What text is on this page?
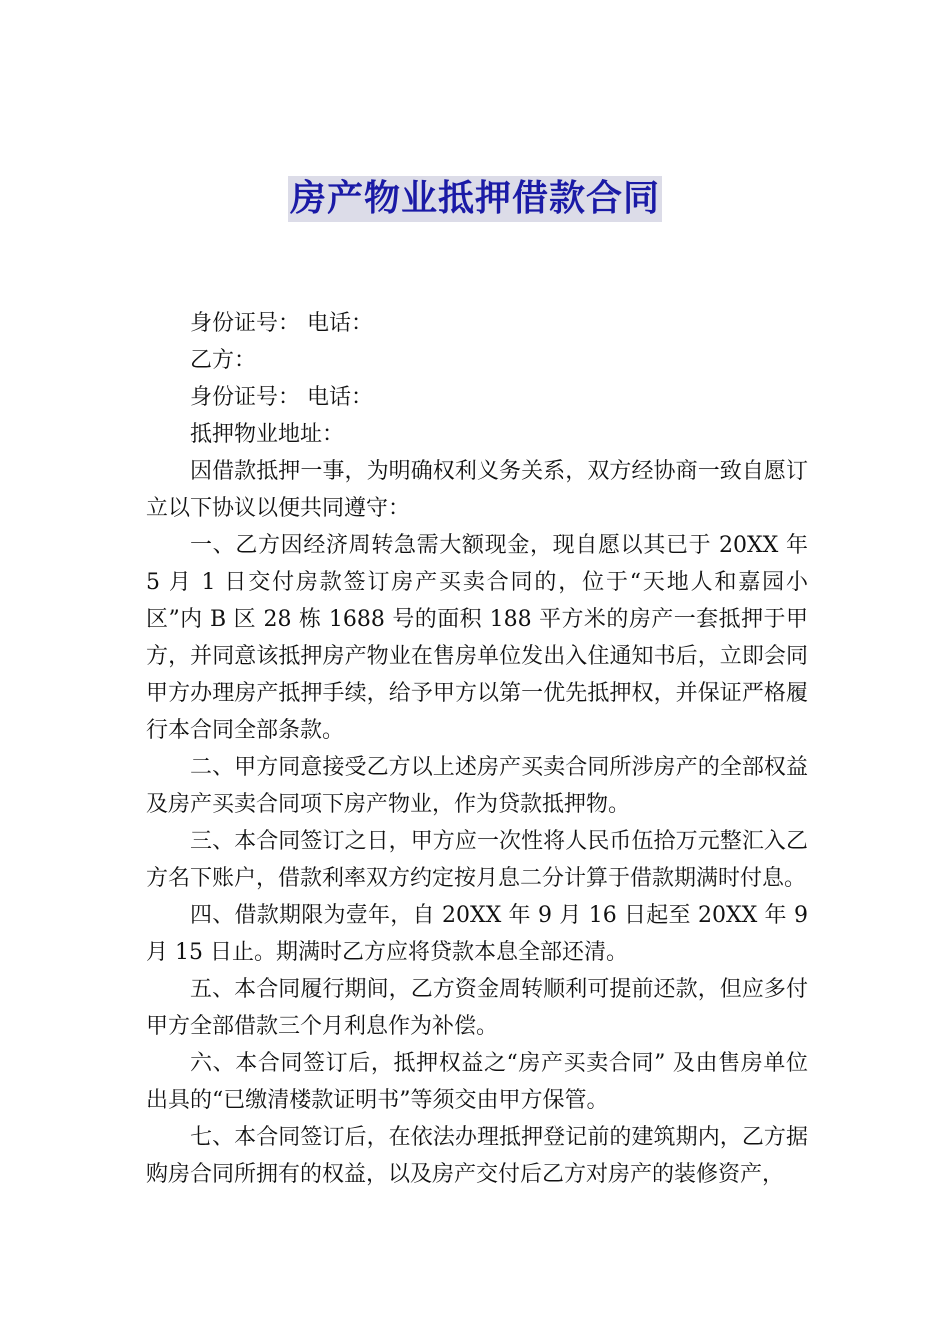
房产物业抵押借款合同

身份证号： 电话：

乙方：

身份证号： 电话：

抵押物业地址：

因借款抵押一事，为明确权利义务关系，双方经协商一致自愿订立以下协议以便共同遵守：

一、乙方因经济周转急需大额现金，现自愿以其已于 20XX 年 5 月 1 日交付房款签订房产买卖合同的，位于“天地人和嘉园小区”内 B 区 28 栋 1688 号的面积 188 平方米的房产一套抵押于甲方，并同意该抵押房产物业在售房单位发出入住通知书后，立即会同甲方办理房产抵押手续，给予甲方以第一优先抵押权，并保证严格履行本合同全部条款。

二、甲方同意接受乙方以上述房产买卖合同所涉房产的全部权益及房产买卖合同项下房产物业，作为贷款抵押物。

三、本合同签订之日，甲方应一次性将人民币伍拾万元整汇入乙方名下账户，借款利率双方约定按月息二分计算于借款期满时付息。

四、借款期限为壹年，自 20XX 年 9 月 16 日起至 20XX 年 9 月 15 日止。期满时乙方应将贷款本息全部还清。

五、本合同履行期间，乙方资金周转顺利可提前还款，但应多付甲方全部借款三个月利息作为补偿。

六、本合同签订后，抵押权益之“房产买卖合同” 及由售房单位出具的“已缴清楼款证明书”等须交由甲方保管。

七、本合同签订后，在依法办理抵押登记前的建筑期内，乙方据购房合同所拥有的权益，以及房产交付后乙方对房产的装修资产，
